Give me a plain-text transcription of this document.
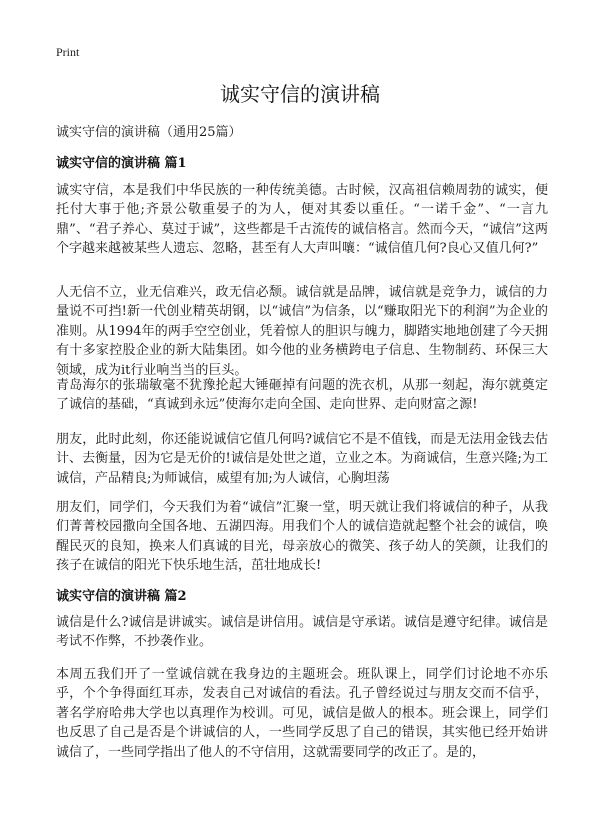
Print
诚实守信的演讲稿
诚实守信的演讲稿（通用25篇）
诚实守信的演讲稿 篇1

诚实守信，本是我们中华民族的一种传统美德。古时候，汉高祖信赖周勃的诚实，便托付大事于他;齐景公敬重晏子的为人，便对其委以重任。“一诺千金”、“一言九鼎”、“君子养心、莫过于诚”，这些都是千古流传的诚信格言。然而今天，“诚信”这两个字越来越被某些人遗忘、忽略，甚至有人大声叫嚷：“诚信值几何?良心又值几何?”

人无信不立，业无信难兴，政无信必颓。诚信就是品牌，诚信就是竞争力，诚信的力量说不可挡!新一代创业精英胡钢，以“诚信”为信条，以“赚取阳光下的利润”为企业的准则。从1994年的两手空空创业，凭着惊人的胆识与魄力，脚踏实地地创建了今天拥有十多家控股企业的新大陆集团。如今他的业务横跨电子信息、生物制药、环保三大领域，成为it行业响当当的巨头。

青岛海尔的张瑞敏毫不犹豫抡起大锤砸掉有问题的洗衣机，从那一刻起，海尔就奠定了诚信的基础，“真诚到永远”使海尔走向全国、走向世界、走向财富之源!

朋友，此时此刻，你还能说诚信它值几何吗?诚信它不是不值钱，而是无法用金钱去估计、去衡量，因为它是无价的!诚信是处世之道，立业之本。为商诚信，生意兴隆;为工诚信，产品精良;为师诚信，威望有加;为人诚信，心胸坦荡

朋友们，同学们，今天我们为着“诚信”汇聚一堂，明天就让我们将诚信的种子，从我们菁菁校园撒向全国各地、五湖四海。用我们个人的诚信造就起整个社会的诚信，唤醒民灭的良知，换来人们真诚的目光，母亲放心的微笑、孩子幼人的笑颜，让我们的孩子在诚信的阳光下快乐地生活，茁壮地成长!

诚实守信的演讲稿 篇2

诚信是什么?诚信是讲诚实。诚信是讲信用。诚信是守承诺。诚信是遵守纪律。诚信是考试不作弊，不抄袭作业。

本周五我们开了一堂诚信就在我身边的主题班会。班队课上，同学们讨论地不亦乐乎，个个争得面红耳赤，发表自己对诚信的看法。孔子曾经说过与朋友交而不信乎，著名学府哈弗大学也以真理作为校训。可见，诚信是做人的根本。班会课上，同学们也反思了自己是否是个讲诚信的人，一些同学反思了自己的错误，其实他已经开始讲诚信了，一些同学指出了他人的不守信用，这就需要同学的改正了。是的，
